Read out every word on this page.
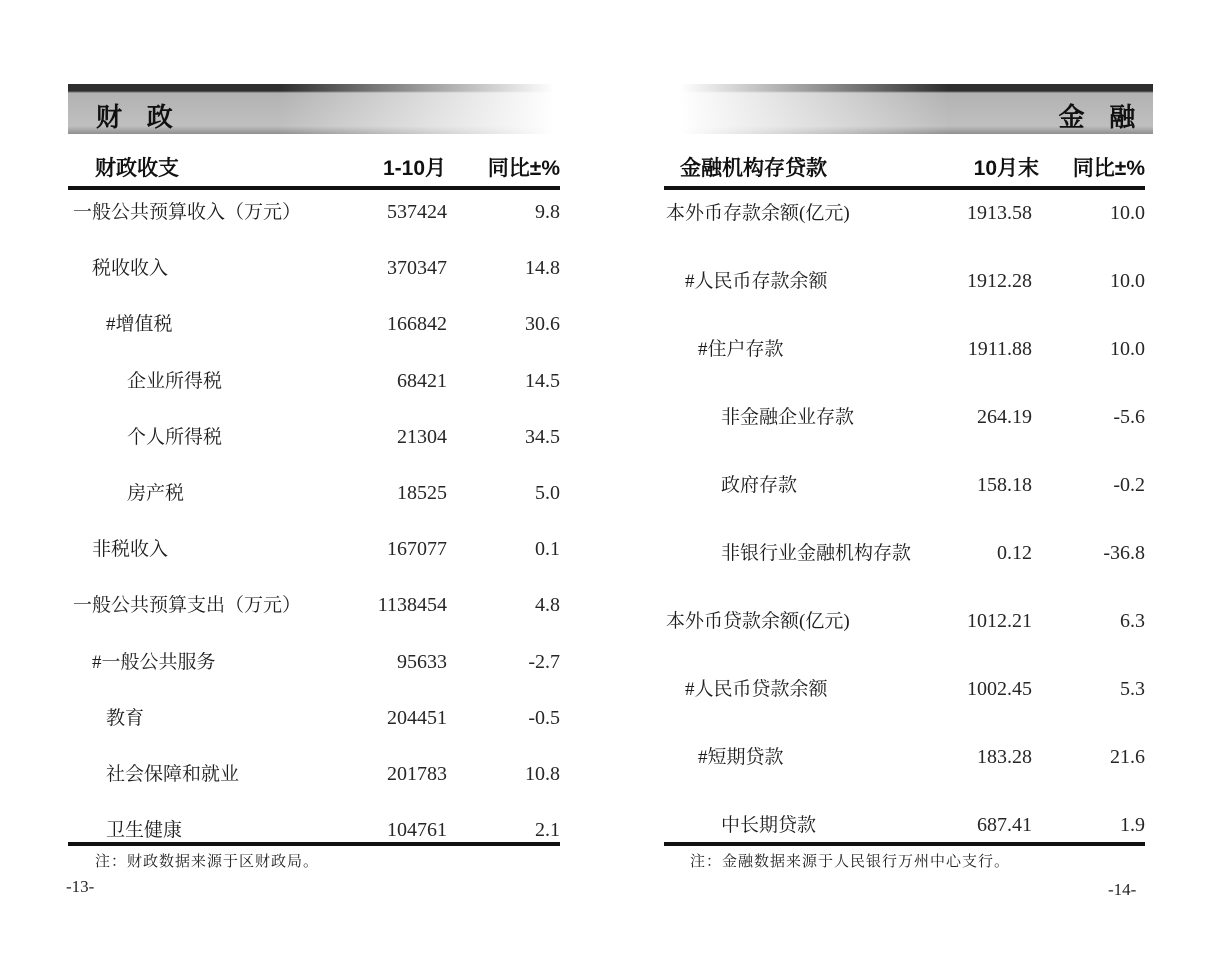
财政	金融
财政收支	1-10月 同比±%	金融机构存贷款	10月末 同比±%
一般公共预算收入（万元）	537424	9.8
税收收入	370347	14.8
#增值税	166842	30.6
企业所得税	68421	14.5
个人所得税	21304	34.5
房产税	18525	5.0
非税收入	167077	0.1
一般公共预算支出（万元）	1138454	4.8
#一般公共服务	95633	-2.7
教育	204451	-0.5
社会保障和就业	201783	10.8
卫生健康	104761	2.1
本外币存款余额(亿元)	1913.58	10.0
#人民币存款余额	1912.28	10.0
#住户存款	1911.88	10.0
非金融企业存款	264.19	-5.6
政府存款	158.18	-0.2
非银行业金融机构存款	0.12	-36.8
本外币贷款余额(亿元)	1012.21	6.3
#人民币贷款余额	1002.45	5.3
#短期贷款	183.28	21.6
中长期贷款	687.41	1.9
注：财政数据来源于区财政局。	注：金融数据来源于人民银行万州中心支行。
-13-	-14-
